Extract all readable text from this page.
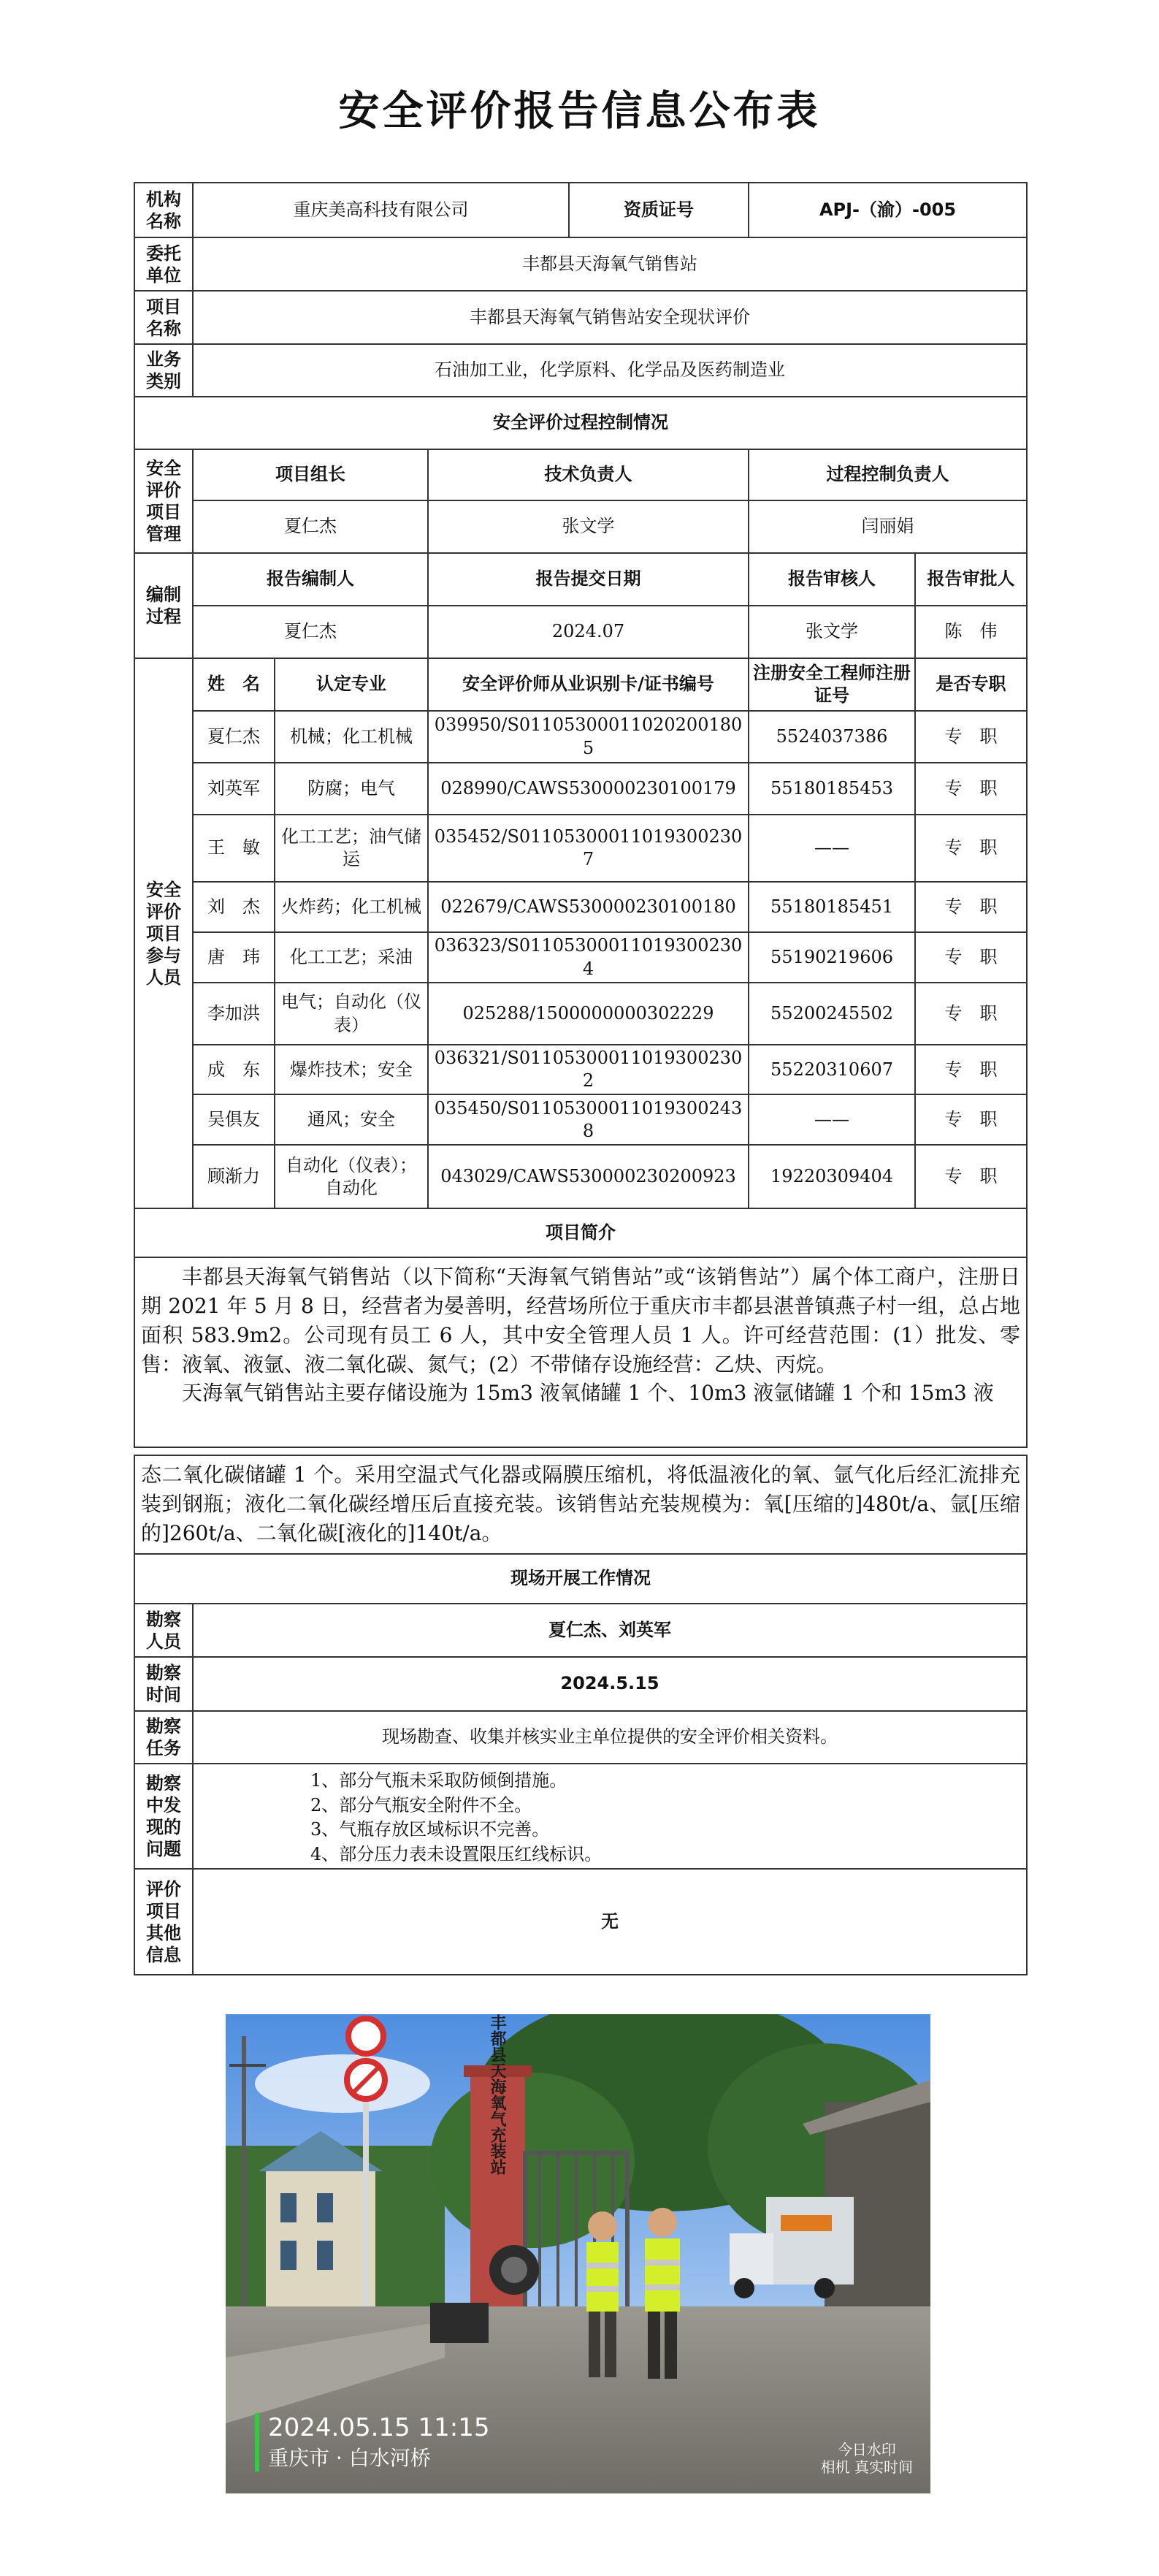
安全评价报告信息公布表
机构名称	重庆美高科技有限公司			资质证号	APJ-（渝）-005	
委托单位	丰都县天海氧气销售站					
项目名称	丰都县天海氧气销售站安全现状评价					
业务类别	石油加工业，化学原料、化学品及医药制造业					
安全评价过程控制情况						
安全评价项目管理	项目组长		技术负责人		过程控制负责人	
	夏仁杰		张文学		闫丽娟	
编制过程	报告编制人		报告提交日期		报告审核人	报告审批人
	夏仁杰		2024.07		张文学	陈　伟
安全评价项目参与人员	姓　名	认定专业	安全评价师从业识别卡/证书编号		注册安全工程师注册证号	是否专职
	夏仁杰	机械；化工机械	039950/S011053000110202001805		5524037386	专　职
	刘英军	防腐；电气	028990/CAWS530000230100179		55180185453	专　职
	王　敏	化工工艺；油气储运	035452/S011053000110193002307		——	专　职
	刘　杰	火炸药；化工机械	022679/CAWS530000230100180		55180185451	专　职
	唐　玮	化工工艺；采油	036323/S011053000110193002304		55190219606	专　职
	李加洪	电气；自动化（仪表）	025288/1500000000302229		55200245502	专　职
	成　东	爆炸技术；安全	036321/S011053000110193002302		55220310607	专　职
	吴俱友	通风；安全	035450/S011053000110193002438		——	专　职
	顾渐力	自动化（仪表）；自动化	043029/CAWS530000230200923		19220309404	专　职
项目简介						

丰都县天海氧气销售站（以下简称“天海氧气销售站”或“该销售站”）属个体工商户，注册日期 2021 年 5 月 8 日，经营者为晏善明，经营场所位于重庆市丰都县湛普镇燕子村一组，总占地面积 583.9m2。公司现有员工 6 人，其中安全管理人员 1 人。许可经营范围：(1）批发、零售：液氧、液氩、液二氧化碳、氮气；(2）不带储存设施经营：乙炔、丙烷。

天海氧气销售站主要存储设施为 15m3 液氧储罐 1 个、10m3 液氩储罐 1 个和 15m3 液						

态二氧化碳储罐 1 个。采用空温式气化器或隔膜压缩机，将低温液化的氧、氩气化后经汇流排充装到钢瓶；液化二氧化碳经增压后直接充装。该销售站充装规模为：氧[压缩的]480t/a、氩[压缩的]260t/a、二氧化碳[液化的]140t/a。	

现场开展工作情况	
勘察人员	夏仁杰、刘英军
勘察时间	2024.5.15
勘察任务	现场勘查、收集并核实业主单位提供的安全评价相关资料。
勘察中发现的问题	1、部分气瓶未采取防倾倒措施。
2、部分气瓶安全附件不全。
3、气瓶存放区域标识不完善。
4、部分压力表未设置限压红线标识。

评价项目其他信息	无
丰都县天海氧气充装站
2024.05.15 11:15
重庆市 · 白水河桥	今日水印
相机 真实时间
